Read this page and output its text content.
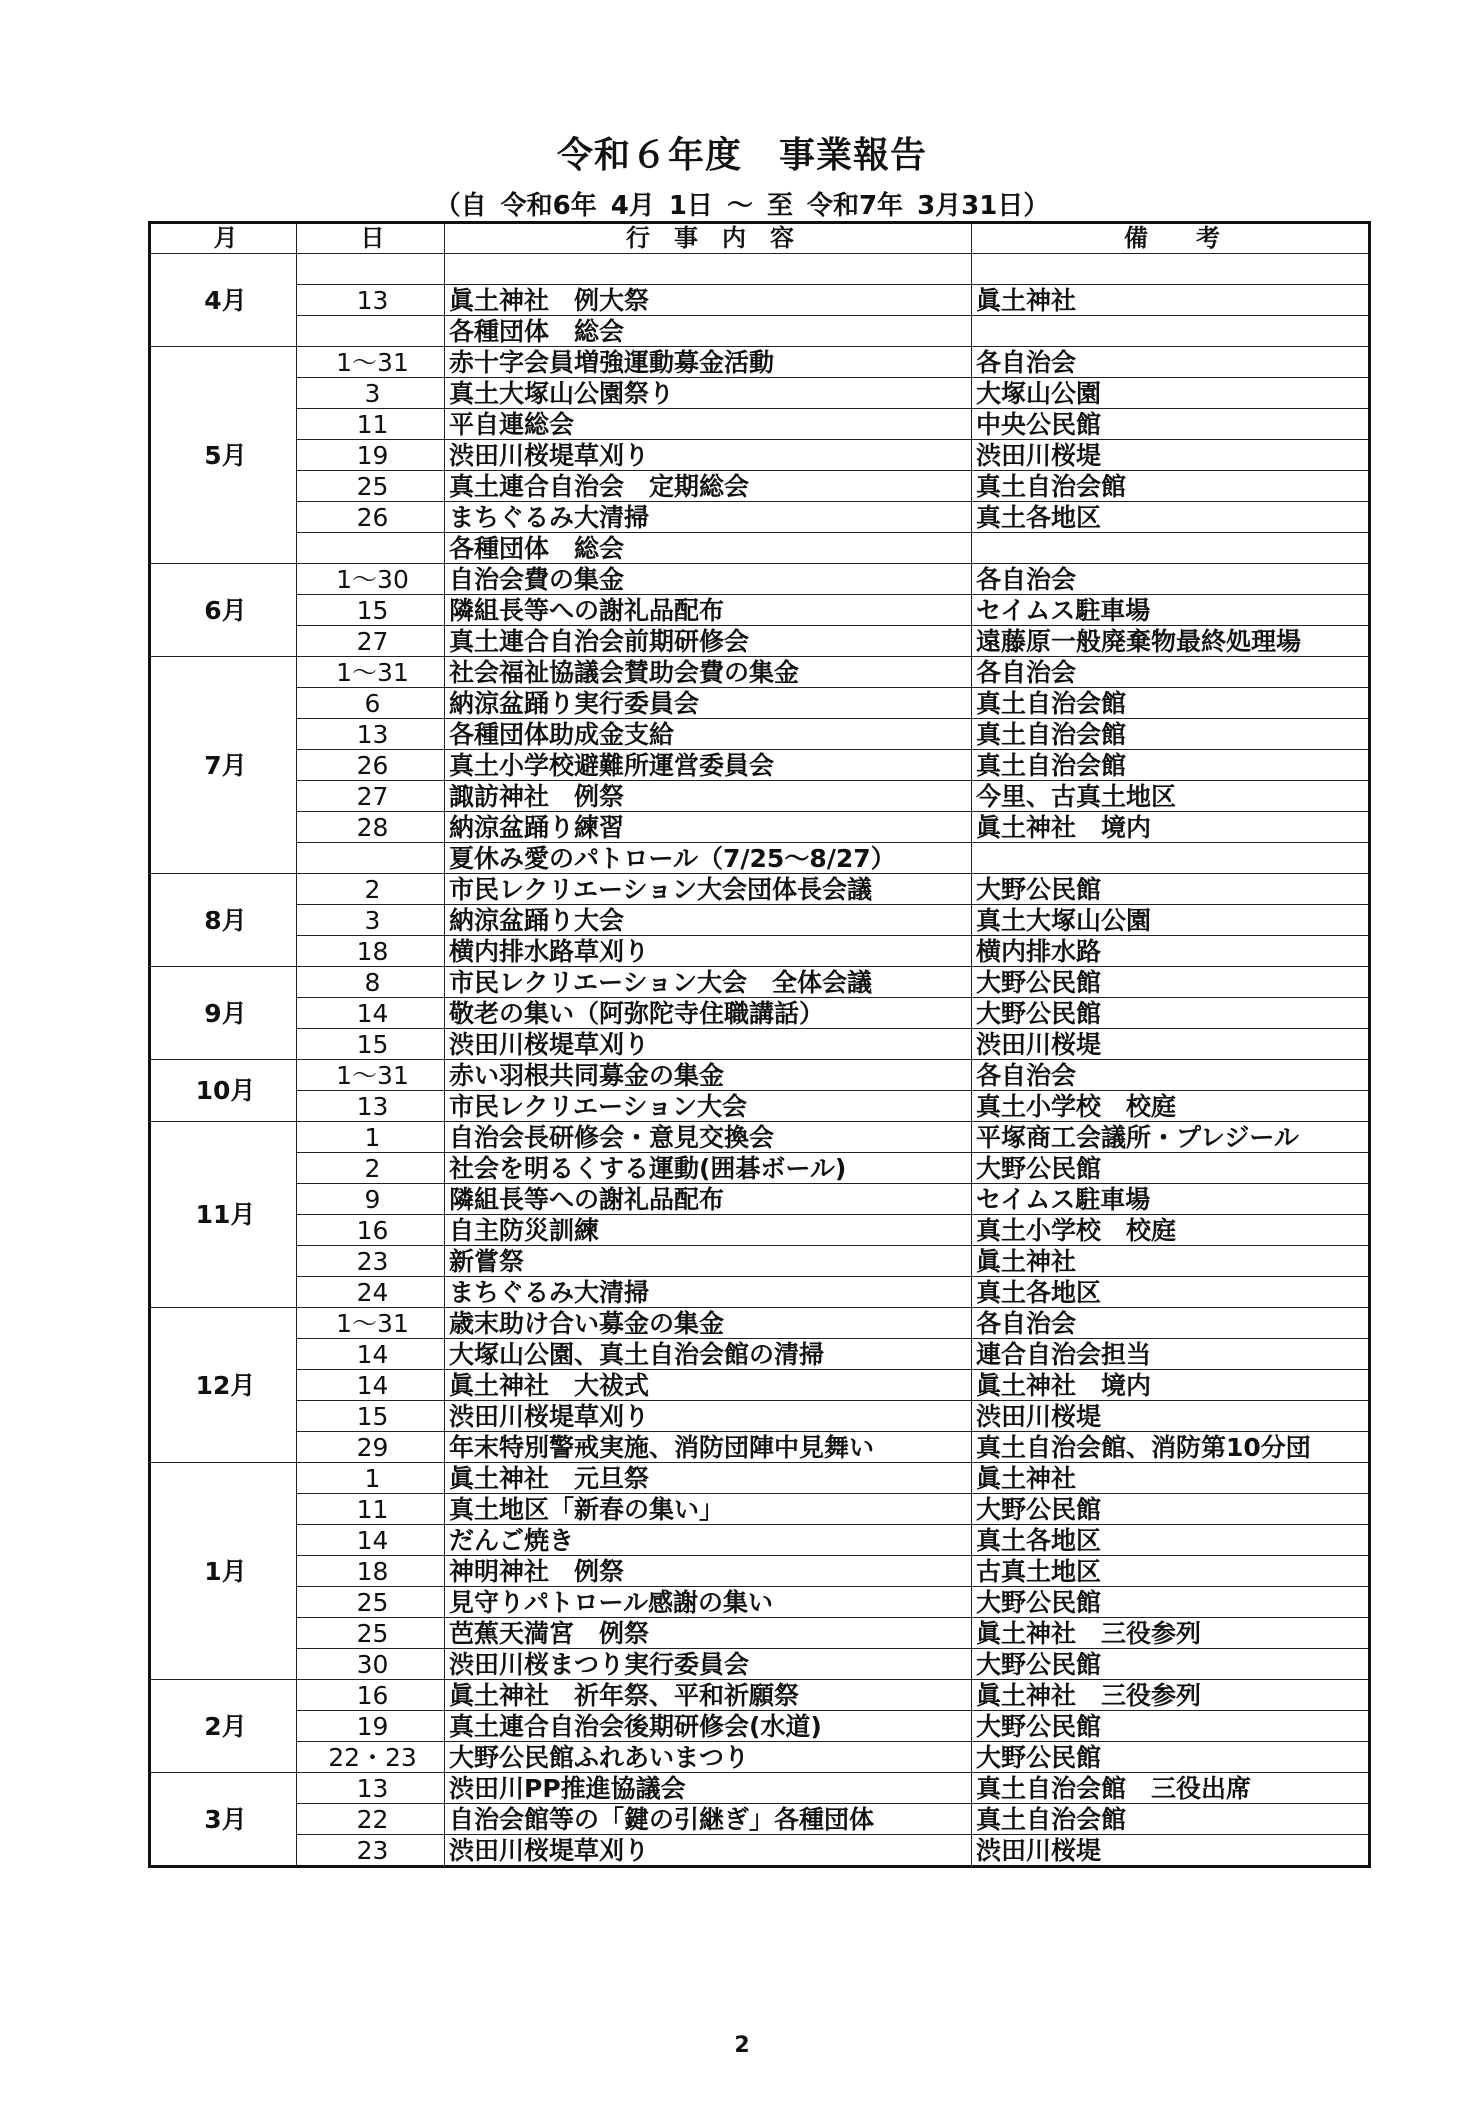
令和６年度　事業報告
（自 令和6年 4月 1日 ～ 至 令和7年 3月31日）
月	日	行　事　内　容	備　　考
4月			
	13	眞土神社　例大祭	眞土神社
		各種団体　総会	
5月	1～31	赤十字会員増強運動募金活動	各自治会
	3	真土大塚山公園祭り	大塚山公園
	11	平自連総会	中央公民館
	19	渋田川桜堤草刈り	渋田川桜堤
	25	真土連合自治会　定期総会	真土自治会館
	26	まちぐるみ大清掃	真土各地区
		各種団体　総会	
6月	1～30	自治会費の集金	各自治会
	15	隣組長等への謝礼品配布	セイムス駐車場
	27	真土連合自治会前期研修会	遠藤原一般廃棄物最終処理場
7月	1～31	社会福祉協議会賛助会費の集金	各自治会
	6	納涼盆踊り実行委員会	真土自治会館
	13	各種団体助成金支給	真土自治会館
	26	真土小学校避難所運営委員会	真土自治会館
	27	諏訪神社　例祭	今里、古真土地区
	28	納涼盆踊り練習	眞土神社　境内
		夏休み愛のパトロール（7/25～8/27）	
8月	2	市民レクリエーション大会団体長会議	大野公民館
	3	納涼盆踊り大会	真土大塚山公園
	18	横内排水路草刈り	横内排水路
9月	8	市民レクリエーション大会　全体会議	大野公民館
	14	敬老の集い（阿弥陀寺住職講話）	大野公民館
	15	渋田川桜堤草刈り	渋田川桜堤
10月	1～31	赤い羽根共同募金の集金	各自治会
	13	市民レクリエーション大会	真土小学校　校庭
11月	1	自治会長研修会・意見交換会	平塚商工会議所・プレジール
	2	社会を明るくする運動(囲碁ボール)	大野公民館
	9	隣組長等への謝礼品配布	セイムス駐車場
	16	自主防災訓練	真土小学校　校庭
	23	新嘗祭	眞土神社
	24	まちぐるみ大清掃	真土各地区
12月	1～31	歳末助け合い募金の集金	各自治会
	14	大塚山公園、真土自治会館の清掃	連合自治会担当
	14	眞土神社　大祓式	眞土神社　境内
	15	渋田川桜堤草刈り	渋田川桜堤
	29	年末特別警戒実施、消防団陣中見舞い	真土自治会館、消防第10分団
1月	1	眞土神社　元旦祭	眞土神社
	11	真土地区「新春の集い」	大野公民館
	14	だんご焼き	真土各地区
	18	神明神社　例祭	古真土地区
	25	見守りパトロール感謝の集い	大野公民館
	25	芭蕉天満宮　例祭	眞土神社　三役参列
	30	渋田川桜まつり実行委員会	大野公民館
2月	16	眞土神社　祈年祭、平和祈願祭	眞土神社　三役参列
	19	真土連合自治会後期研修会(水道)	大野公民館
	22・23	大野公民館ふれあいまつり	大野公民館
3月	13	渋田川PP推進協議会	真土自治会館　三役出席
	22	自治会館等の「鍵の引継ぎ」各種団体	真土自治会館
	23	渋田川桜堤草刈り	渋田川桜堤
2
